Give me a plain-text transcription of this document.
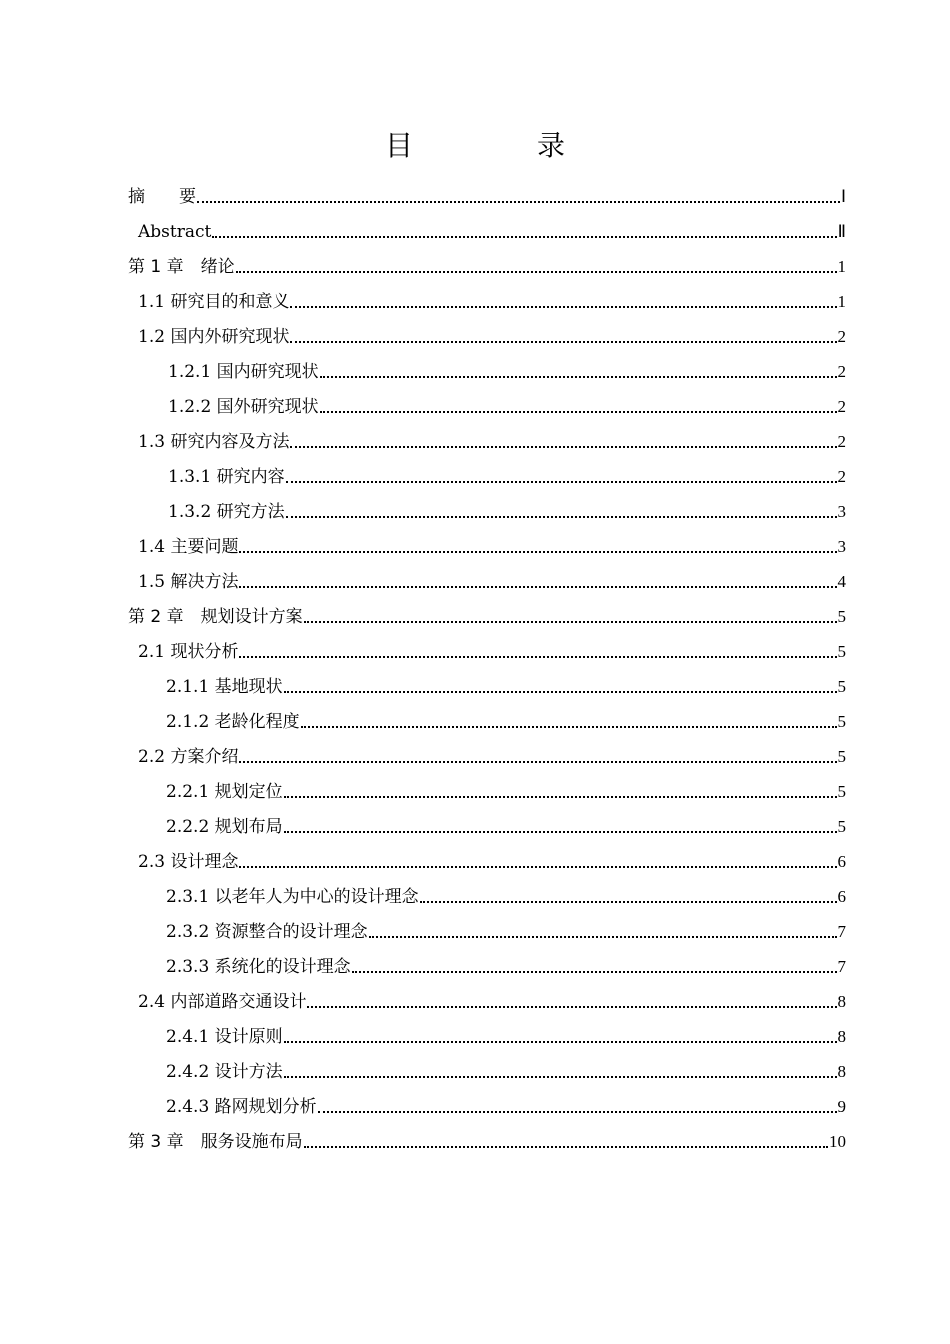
目　录
摘　　要	Ⅰ
Abstract	Ⅱ
第 1 章　绪论	1
1.1 研究目的和意义	1
1.2 国内外研究现状	2
1.2.1 国内研究现状	2
1.2.2 国外研究现状	2
1.3 研究内容及方法	2
1.3.1 研究内容	2
1.3.2 研究方法	3
1.4 主要问题	3
1.5 解决方法	4
第 2 章　规划设计方案	5
2.1 现状分析	5
2.1.1 基地现状	5
2.1.2 老龄化程度	5
2.2 方案介绍	5
2.2.1 规划定位	5
2.2.2 规划布局	5
2.3 设计理念	6
2.3.1 以老年人为中心的设计理念	6
2.3.2 资源整合的设计理念	7
2.3.3 系统化的设计理念	7
2.4 内部道路交通设计	8
2.4.1 设计原则	8
2.4.2 设计方法	8
2.4.3 路网规划分析	9
第 3 章　服务设施布局	10
